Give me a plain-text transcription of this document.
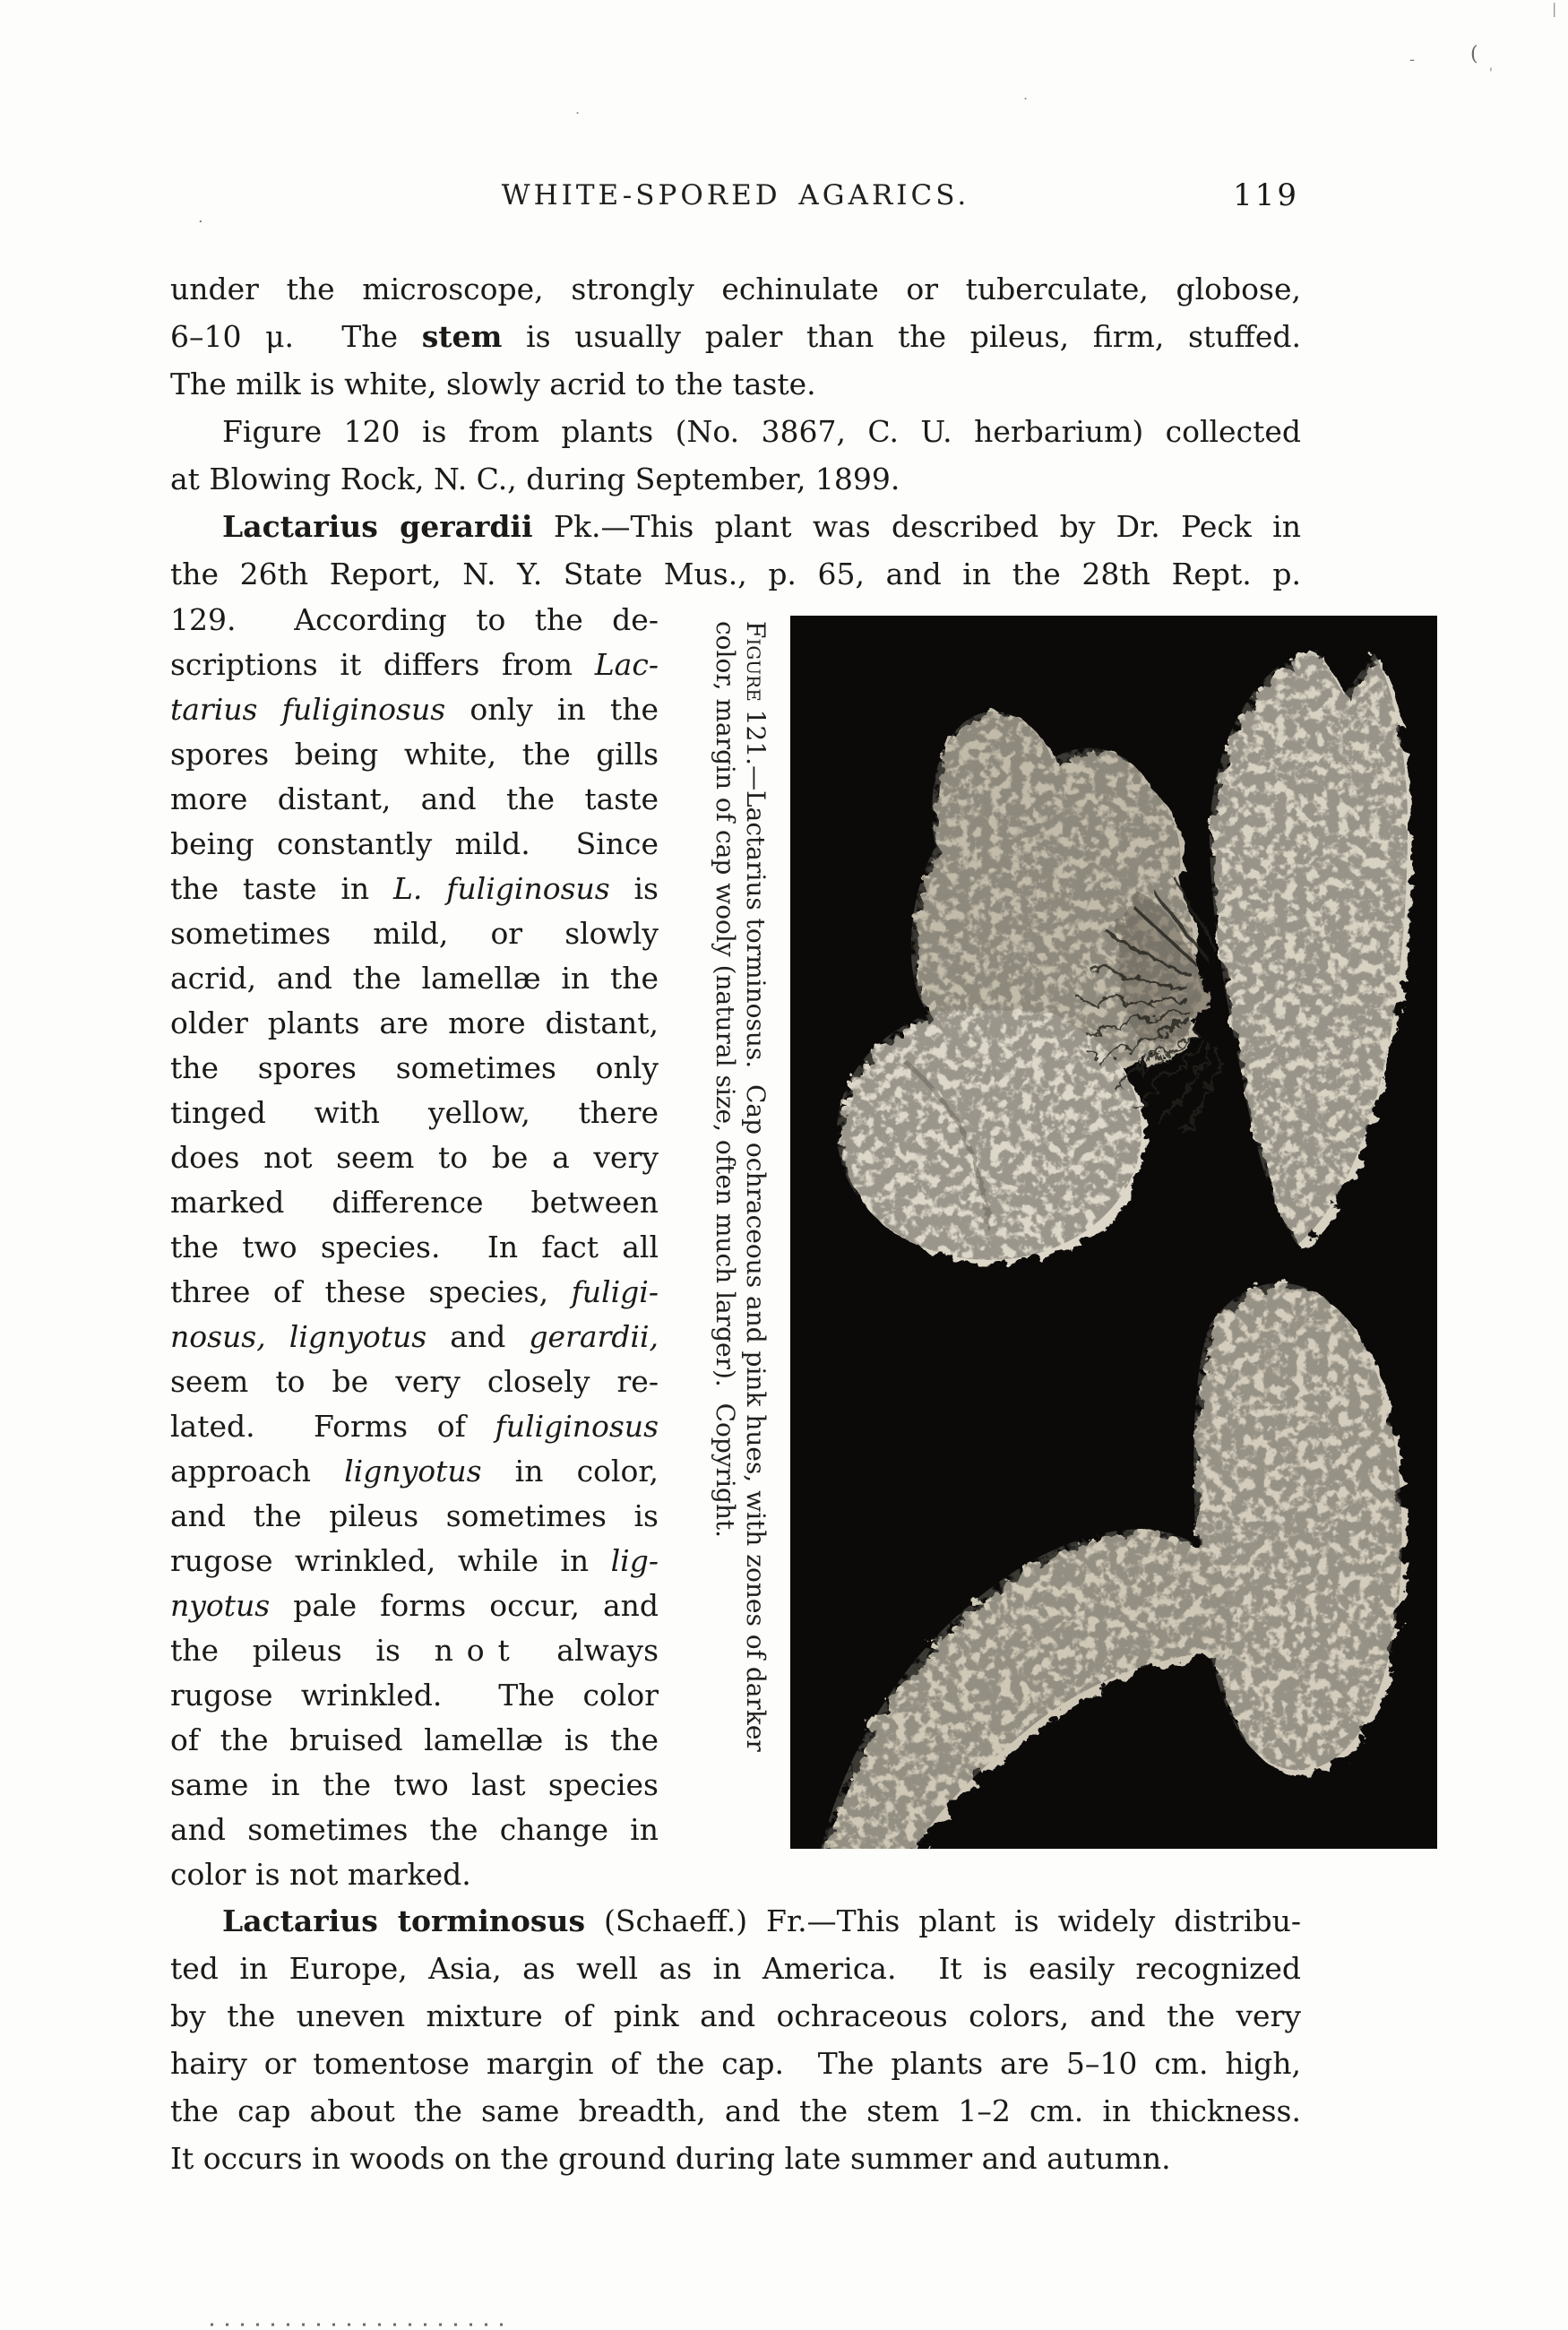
WHITE-SPORED AGARICS.	119
under the microscope, strongly echinulate or tuberculate, globose,
6–10 μ.  The stem is usually paler than the pileus, firm, stuffed.
The milk is white, slowly acrid to the taste.
Figure 120 is from plants (No. 3867, C. U. herbarium) collected
at Blowing Rock, N. C., during September, 1899.
Lactarius gerardii Pk.—This plant was described by Dr. Peck in
the 26th Report, N. Y. State Mus., p. 65, and in the 28th Rept. p.
129.  According to the de-
scriptions it differs from Lac-
tarius fuliginosus only in the
spores being white, the gills
more distant, and the taste
being constantly mild.  Since
the taste in L. fuliginosus is
sometimes mild, or slowly
acrid, and the lamellæ in the
older plants are more distant,
the spores sometimes only
tinged with yellow, there
does not seem to be a very
marked difference between
the two species.  In fact all
three of these species, fuligi-
nosus, lignyotus and gerardii,
seem to be very closely re-
lated.  Forms of fuliginosus
approach lignyotus in color,
and the pileus sometimes is
rugose wrinkled, while in lig-
nyotus pale forms occur, and
the pileus is not always
rugose wrinkled.  The color
of the bruised lamellæ is the
same in the two last species
and sometimes the change in
color is not marked.
Lactarius torminosus (Schaeff.) Fr.—This plant is widely distribu-
ted in Europe, Asia, as well as in America.  It is easily recognized
by the uneven mixture of pink and ochraceous colors, and the very
hairy or tomentose margin of the cap.  The plants are 5–10 cm. high,
the cap about the same breadth, and the stem 1–2 cm. in thickness.
It occurs in woods on the ground during late summer and autumn.
Figure 121.—Lactarius torminosus.  Cap ochraceous and pink hues, with zones of darker
color, margin of cap wooly (natural size, often much larger).  Copyright.
(
-
'
|
.
.
.
